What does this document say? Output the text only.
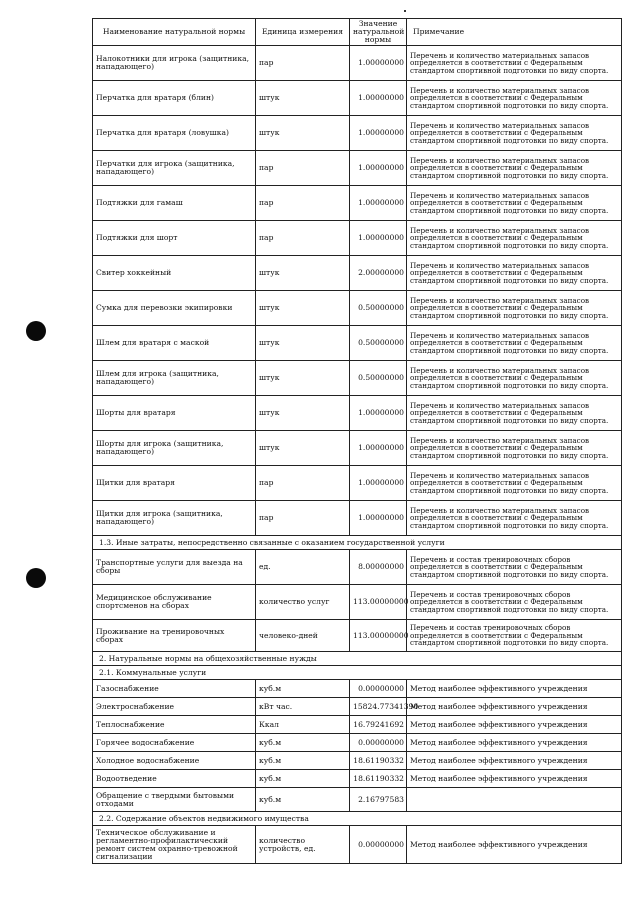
Наименование натуральной нормы	Единица измерения	Значение натуральной нормы	Примечание
Налокотники для игрока (защитника, нападающего)	пар	1.00000000	Перечень и количество материальных запасов определяется в соответствии с Федеральным стандартом спортивной подготовки по виду спорта.
Перчатка для вратаря (блин)	штук	1.00000000	Перечень и количество материальных запасов определяется в соответствии с Федеральным стандартом спортивной подготовки по виду спорта.
Перчатка для вратаря (ловушка)	штук	1.00000000	Перечень и количество материальных запасов определяется в соответствии с Федеральным стандартом спортивной подготовки по виду спорта.
Перчатки для игрока (защитника, нападающего)	пар	1.00000000	Перечень и количество материальных запасов определяется в соответствии с Федеральным стандартом спортивной подготовки по виду спорта.
Подтяжки для гамаш	пар	1.00000000	Перечень и количество материальных запасов определяется в соответствии с Федеральным стандартом спортивной подготовки по виду спорта.
Подтяжки для шорт	пар	1.00000000	Перечень и количество материальных запасов определяется в соответствии с Федеральным стандартом спортивной подготовки по виду спорта.
Свитер хоккейный	штук	2.00000000	Перечень и количество материальных запасов определяется в соответствии с Федеральным стандартом спортивной подготовки по виду спорта.
Сумка для перевозки экипировки	штук	0.50000000	Перечень и количество материальных запасов определяется в соответствии с Федеральным стандартом спортивной подготовки по виду спорта.
Шлем для вратаря с маской	штук	0.50000000	Перечень и количество материальных запасов определяется в соответствии с Федеральным стандартом спортивной подготовки по виду спорта.
Шлем для игрока (защитника, нападающего)	штук	0.50000000	Перечень и количество материальных запасов определяется в соответствии с Федеральным стандартом спортивной подготовки по виду спорта.
Шорты для вратаря	штук	1.00000000	Перечень и количество материальных запасов определяется в соответствии с Федеральным стандартом спортивной подготовки по виду спорта.
Шорты для игрока (защитника, нападающего)	штук	1.00000000	Перечень и количество материальных запасов определяется в соответствии с Федеральным стандартом спортивной подготовки по виду спорта.
Щитки для вратаря	пар	1.00000000	Перечень и количество материальных запасов определяется в соответствии с Федеральным стандартом спортивной подготовки по виду спорта.
Щитки для игрока (защитника, нападающего)	пар	1.00000000	Перечень и количество материальных запасов определяется в соответствии с Федеральным стандартом спортивной подготовки по виду спорта.
1.3. Иные затраты, непосредственно связанные с оказанием государственной услуги			
Транспортные услуги для выезда на сборы	ед.	8.00000000	Перечень и состав тренировочных сборов определяется в соответствии с Федеральным стандартом спортивной подготовки по виду спорта.
Медицинское обслуживание спортсменов на сборах	количество услуг	113.00000000	Перечень и состав тренировочных сборов определяется в соответствии с Федеральным стандартом спортивной подготовки по виду спорта.
Проживание на тренировочных сборах	человеко-дней	113.00000000	Перечень и состав тренировочных сборов определяется в соответствии с Федеральным стандартом спортивной подготовки по виду спорта.
2. Натуральные нормы на общехозяйственные нужды			
2.1. Коммунальные услуги			
Газоснабжение	куб.м	0.00000000	Метод наиболее эффективного учреждения
Электроснабжение	кВт час.	15824.77341390	Метод наиболее эффективного учреждения
Теплоснабжение	Ккал	16.79241692	Метод наиболее эффективного учреждения
Горячее водоснабжение	куб.м	0.00000000	Метод наиболее эффективного учреждения
Холодное водоснабжение	куб.м	18.61190332	Метод наиболее эффективного учреждения
Водоотведение	куб.м	18.61190332	Метод наиболее эффективного учреждения
Обращение с твердыми бытовыми отходами	куб.м	2.16797583	
2.2. Содержание объектов недвижимого имущества			
Техническое обслуживание и регламентно-профилактический ремонт систем охранно-тревожной сигнализации	количество устройств, ед.	0.00000000	Метод наиболее эффективного учреждения
